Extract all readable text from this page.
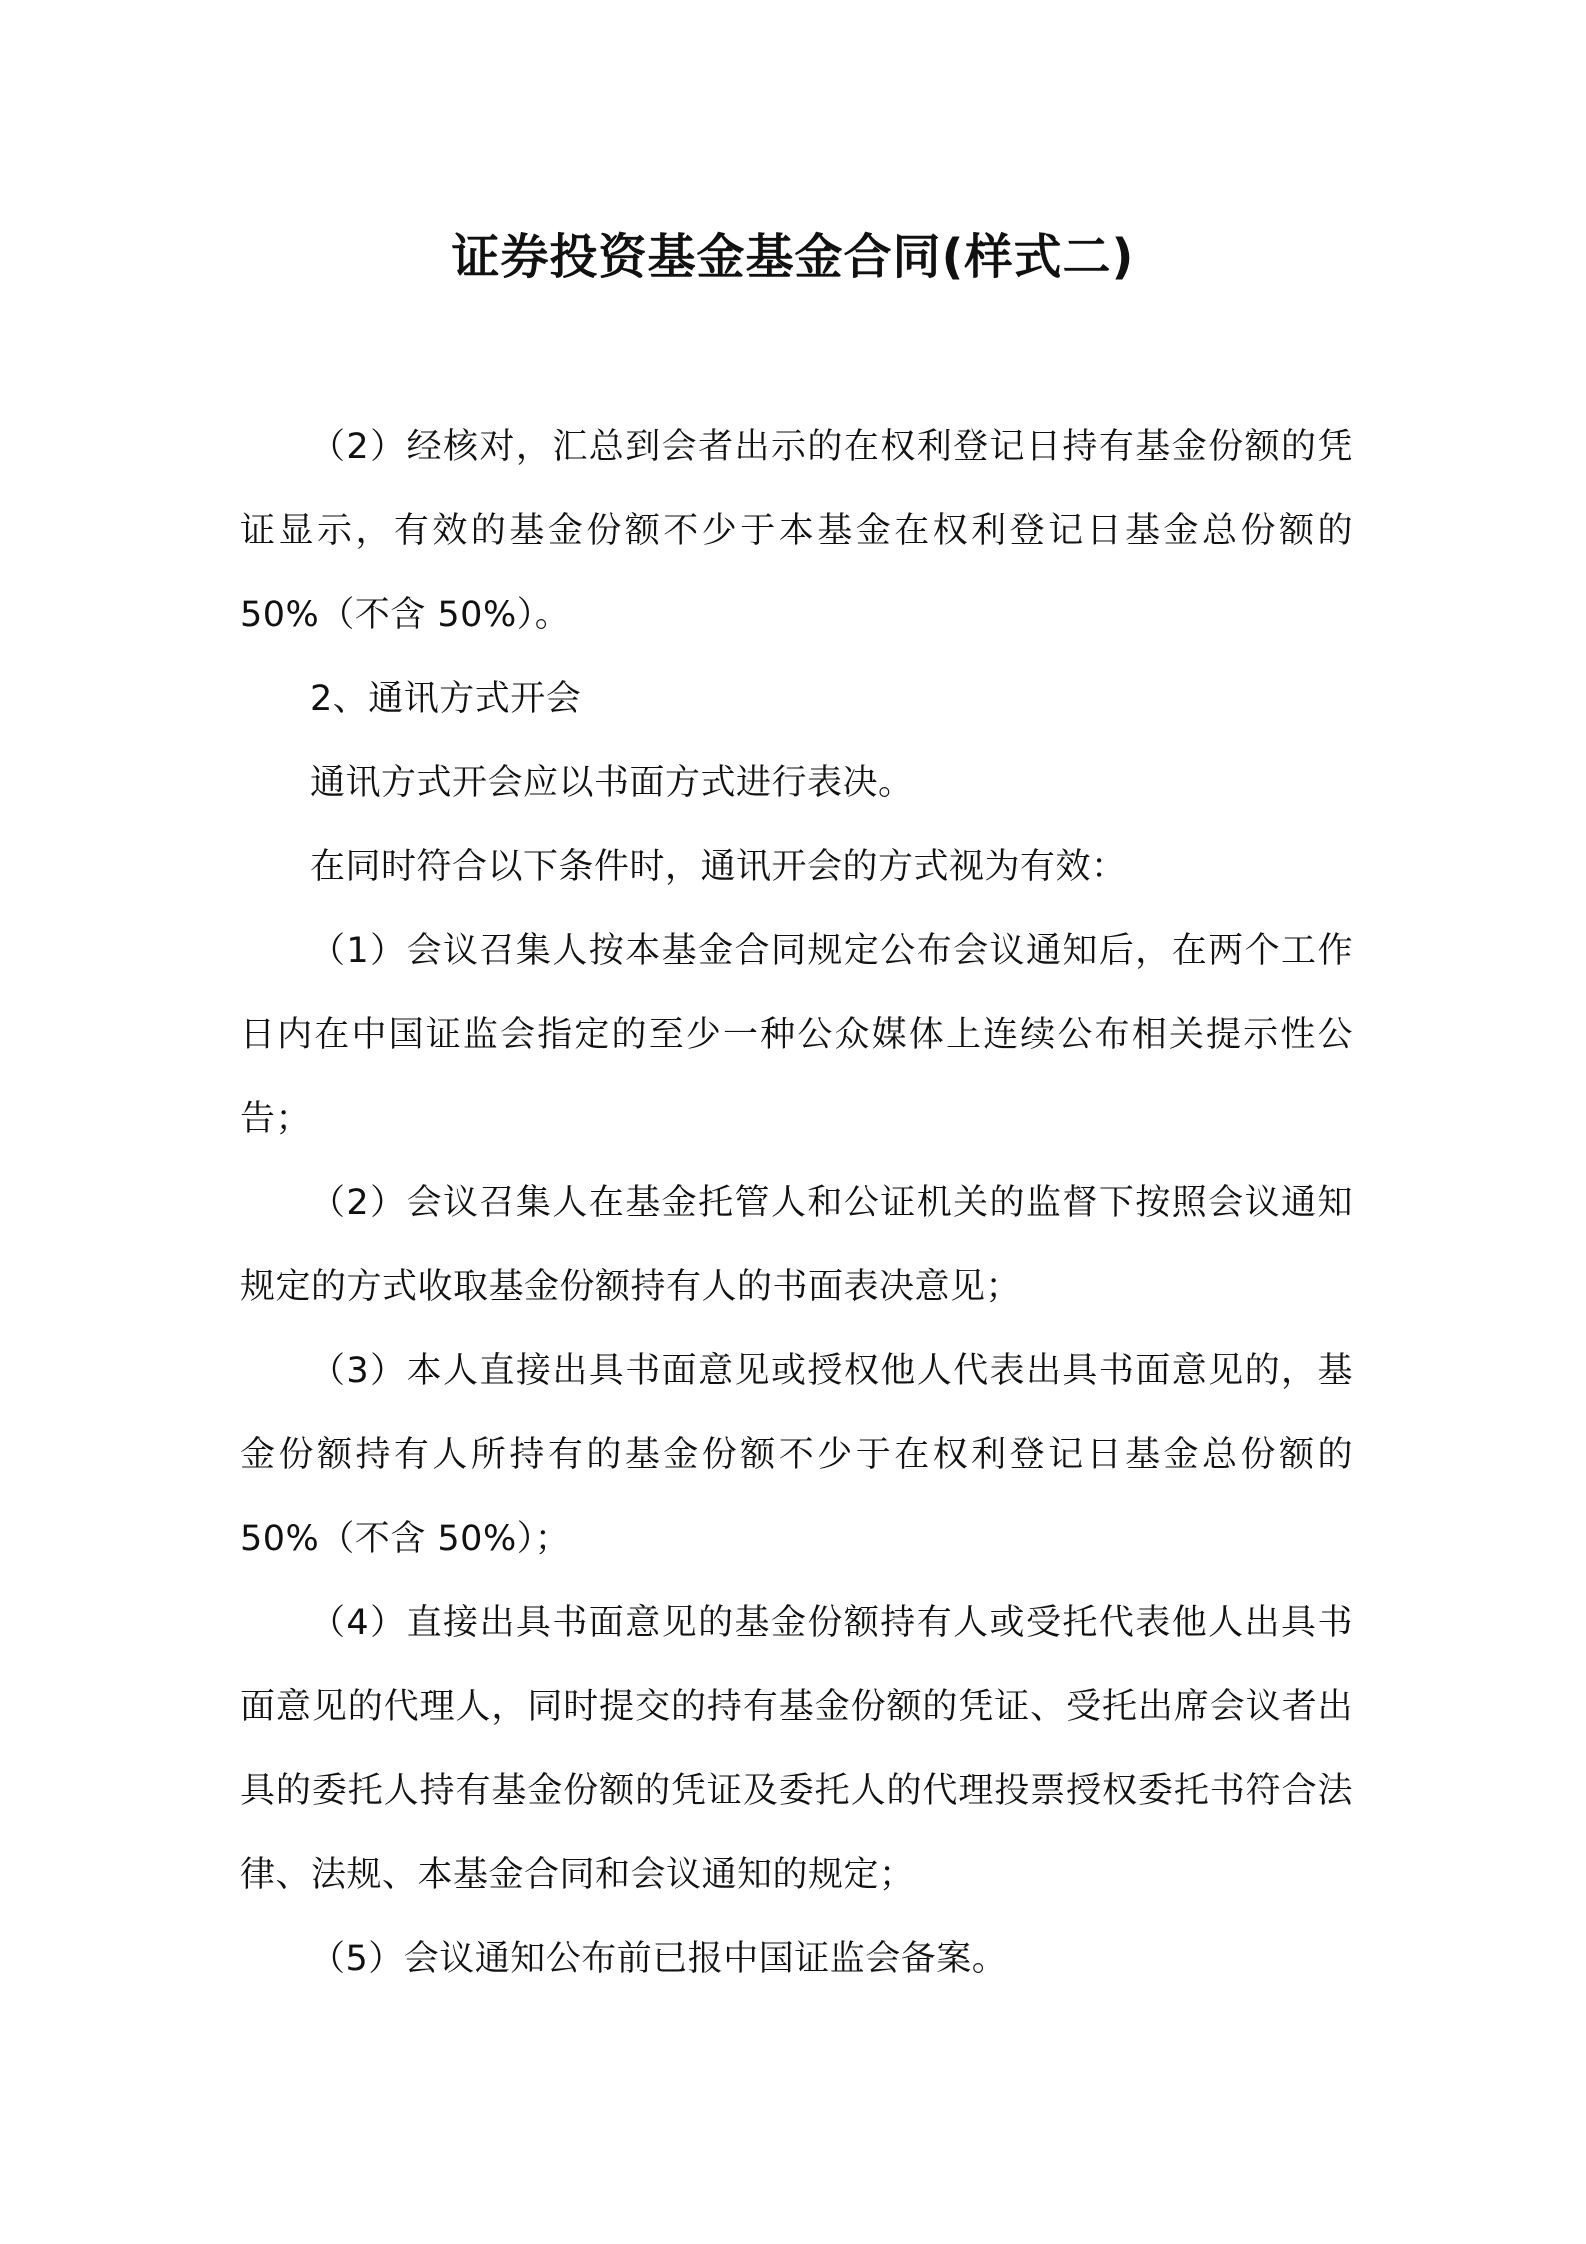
证券投资基金基金合同(样式二)

（2）经核对，汇总到会者出示的在权利登记日持有基金份额的凭证显示，有效的基金份额不少于本基金在权利登记日基金总份额的 50%（不含 50%）。

2、通讯方式开会

通讯方式开会应以书面方式进行表决。

在同时符合以下条件时，通讯开会的方式视为有效：

（1）会议召集人按本基金合同规定公布会议通知后，在两个工作日内在中国证监会指定的至少一种公众媒体上连续公布相关提示性公告；

（2）会议召集人在基金托管人和公证机关的监督下按照会议通知规定的方式收取基金份额持有人的书面表决意见；

（3）本人直接出具书面意见或授权他人代表出具书面意见的，基金份额持有人所持有的基金份额不少于在权利登记日基金总份额的 50%（不含 50%）；

（4）直接出具书面意见的基金份额持有人或受托代表他人出具书面意见的代理人，同时提交的持有基金份额的凭证、受托出席会议者出具的委托人持有基金份额的凭证及委托人的代理投票授权委托书符合法律、法规、本基金合同和会议通知的规定；

（5）会议通知公布前已报中国证监会备案。
